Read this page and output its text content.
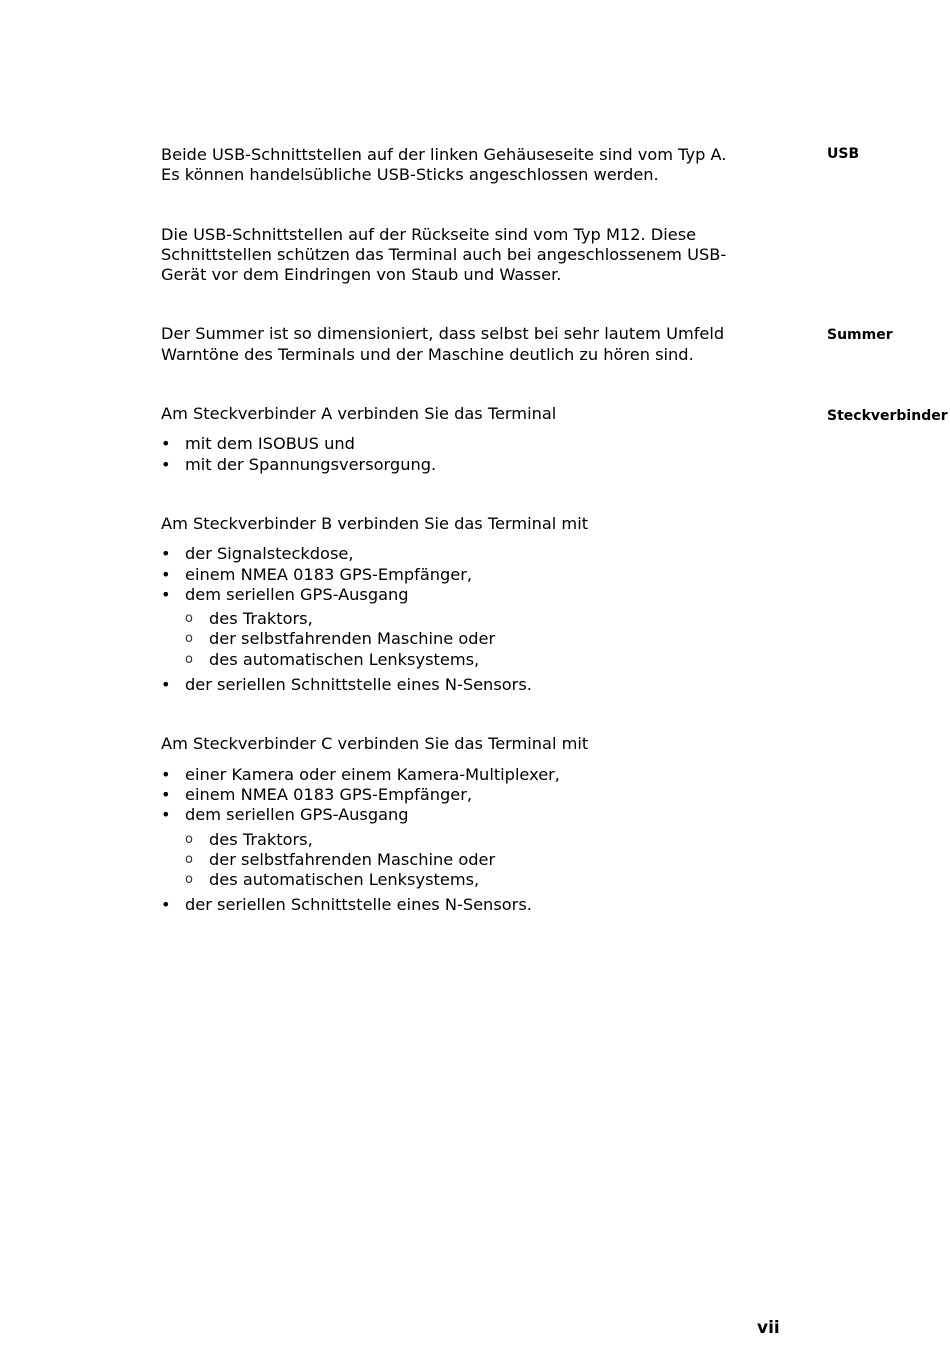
USB
Summer
Steckverbinder

Beide USB-Schnittstellen auf der linken Gehäuseseite sind vom Typ A.
Es können handelsübliche USB-Sticks angeschlossen werden.

Die USB-Schnittstellen auf der Rückseite sind vom Typ M12. Diese
Schnittstellen schützen das Terminal auch bei angeschlossenem USB-
Gerät vor dem Eindringen von Staub und Wasser.

Der Summer ist so dimensioniert, dass selbst bei sehr lautem Umfeld
Warntöne des Terminals und der Maschine deutlich zu hören sind.

Am Steckverbinder A verbinden Sie das Terminal

• mit dem ISOBUS und
• mit der Spannungsversorgung.

Am Steckverbinder B verbinden Sie das Terminal mit

• der Signalsteckdose,
• einem NMEA 0183 GPS-Empfänger,
• dem seriellen GPS-Ausgang
o des Traktors,
o der selbstfahrenden Maschine oder
o des automatischen Lenksystems,
• der seriellen Schnittstelle eines N-Sensors.

Am Steckverbinder C verbinden Sie das Terminal mit

• einer Kamera oder einem Kamera-Multiplexer,
• einem NMEA 0183 GPS-Empfänger,
• dem seriellen GPS-Ausgang
o des Traktors,
o der selbstfahrenden Maschine oder
o des automatischen Lenksystems,
• der seriellen Schnittstelle eines N-Sensors.
vii
